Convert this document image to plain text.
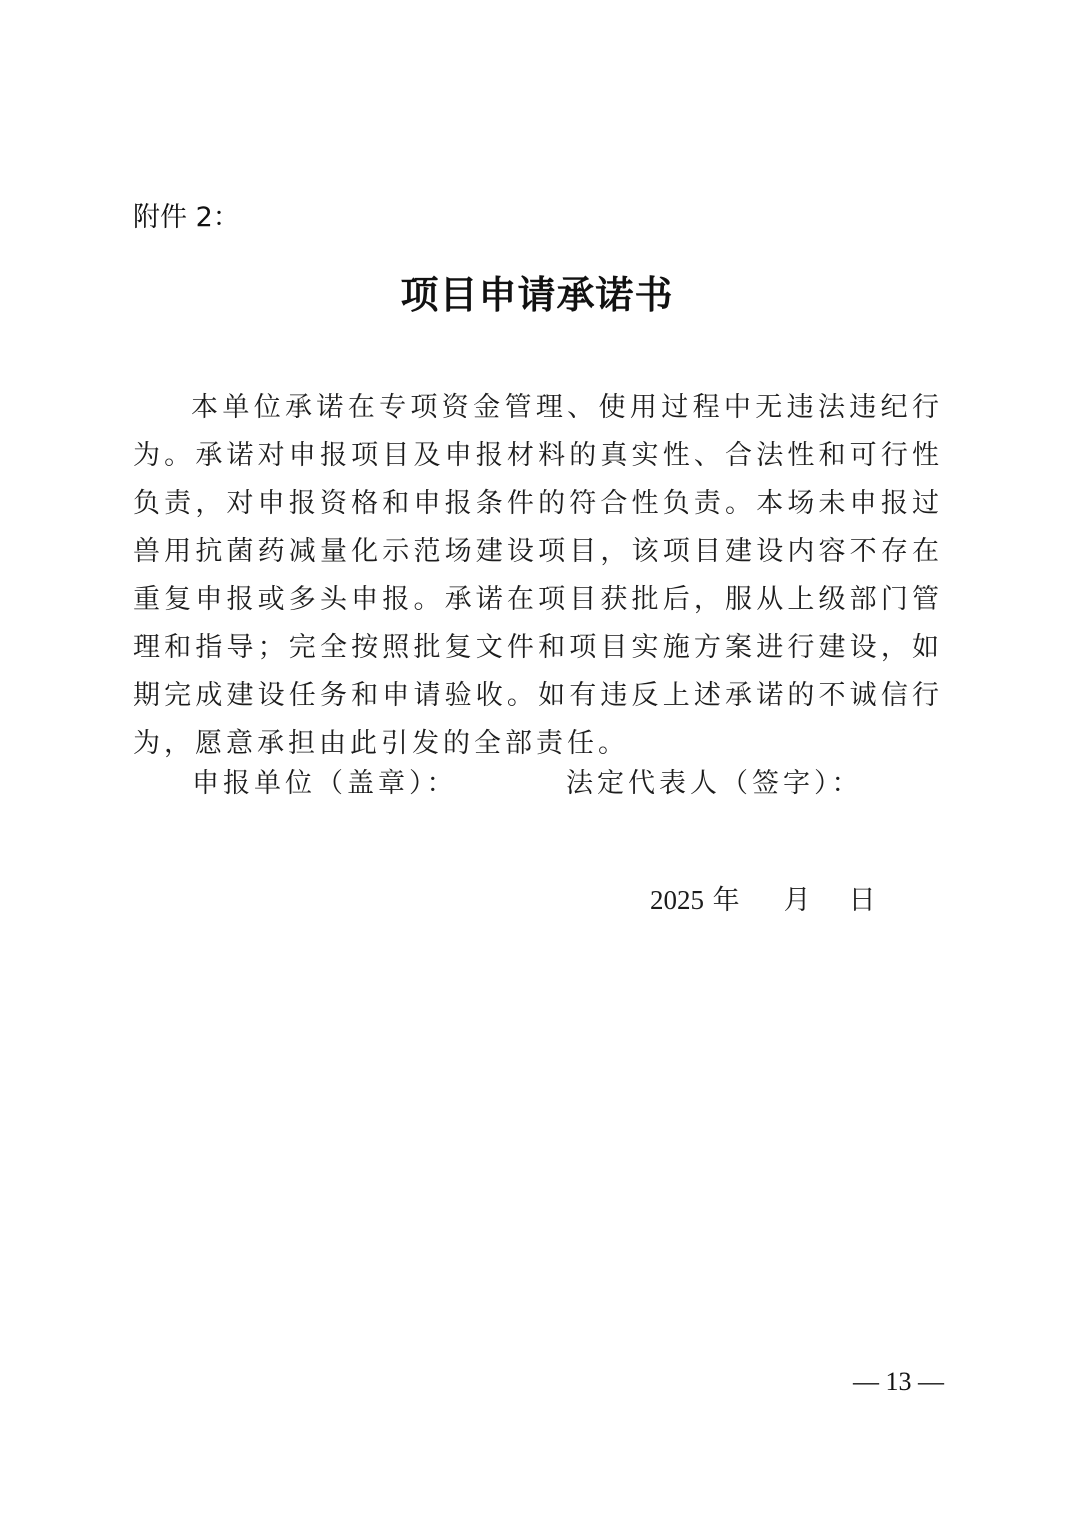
附件 2：
项目申请承诺书
本单位承诺在专项资金管理、使用过程中无违法违纪行为。承诺对申报项目及申报材料的真实性、合法性和可行性负责，对申报资格和申报条件的符合性负责。本场未申报过兽用抗菌药减量化示范场建设项目，该项目建设内容不存在重复申报或多头申报。承诺在项目获批后，服从上级部门管理和指导；完全按照批复文件和项目实施方案进行建设，如期完成建设任务和申请验收。如有违反上述承诺的不诚信行为，愿意承担由此引发的全部责任。
申报单位（盖章）：	法定代表人（签字）：
2025 年 月 日
— 13 —
